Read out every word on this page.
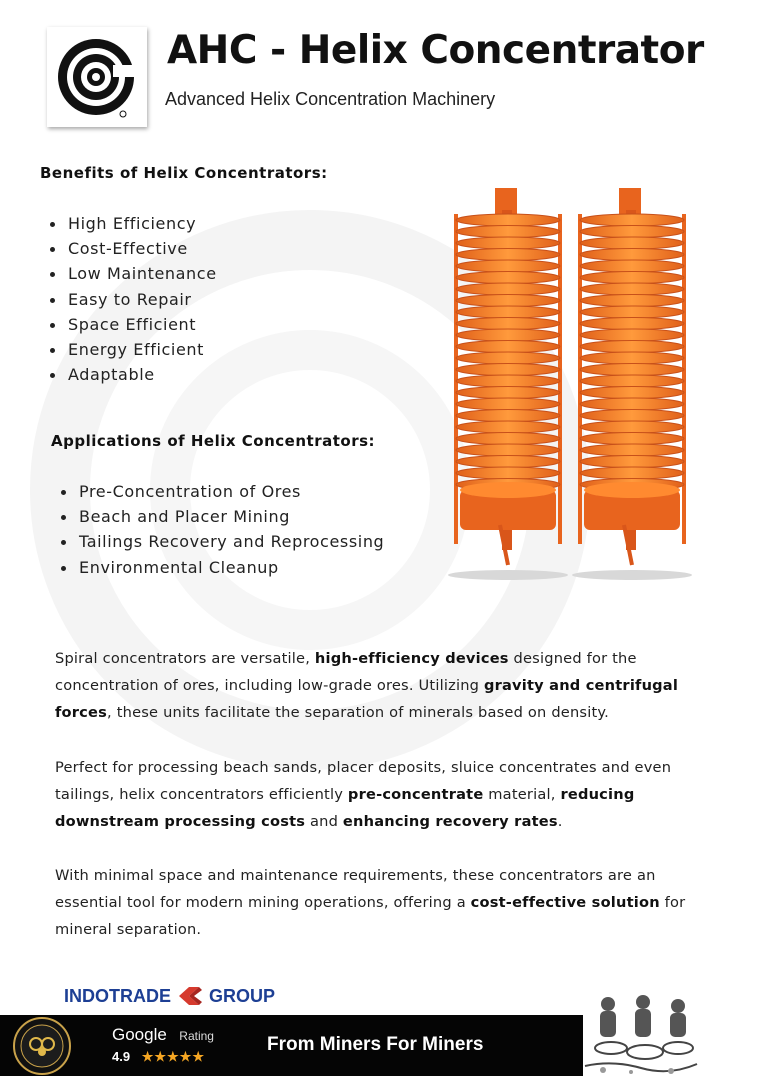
AHC - Helix Concentrator

Advanced Helix Concentration Machinery

Benefits of Helix Concentrators:
High Efficiency
Cost-Effective
Low Maintenance
Easy to Repair
Space Efficient
Energy Efficient
Adaptable
Applications of Helix Concentrators:
Pre-Concentration of Ores
Beach and Placer Mining
Tailings Recovery and Reprocessing
Environmental Cleanup

Spiral concentrators are versatile, high-efficiency devices designed for the concentration of ores, including low-grade ores. Utilizing gravity and centrifugal forces, these units facilitate the separation of minerals based on density.

Perfect for processing beach sands, placer deposits, sluice concentrates and even tailings, helix concentrators efficiently pre-concentrate material, reducing downstream processing costs and enhancing recovery rates.

With minimal space and maintenance requirements, these concentrators are an essential tool for modern mining operations, offering a cost-effective solution for mineral separation.

INDOTRADE GROUP
Google Rating
4.9 ★★★★★
From Miners For Miners
